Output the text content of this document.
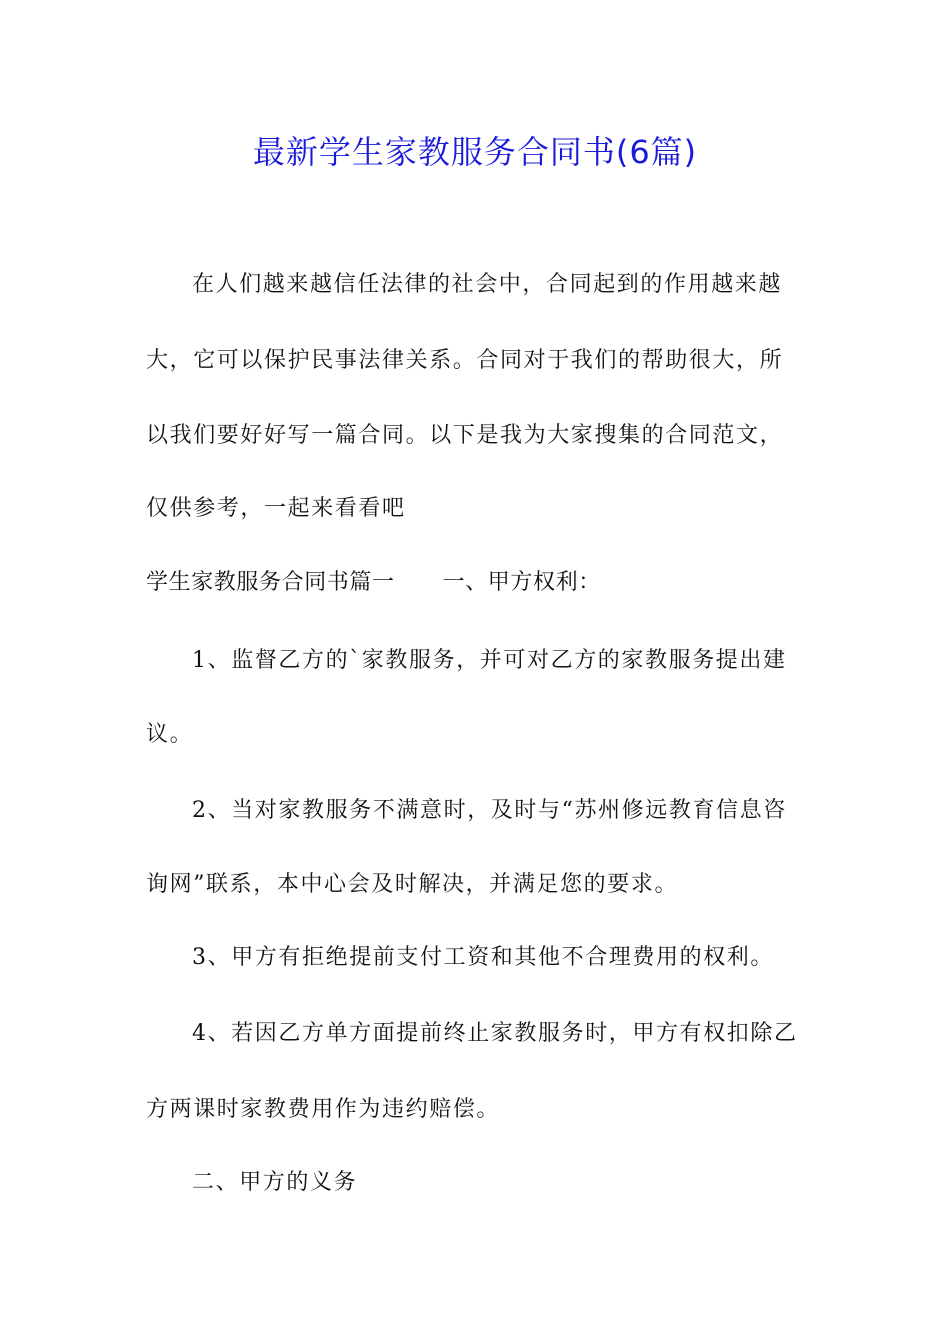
最新学生家教服务合同书(6篇)
在人们越来越信任法律的社会中，合同起到的作用越来越
大，它可以保护民事法律关系。合同对于我们的帮助很大，所
以我们要好好写一篇合同。以下是我为大家搜集的合同范文，
仅供参考，一起来看看吧
学生家教服务合同书篇一 一、甲方权利：
1、监督乙方的`家教服务，并可对乙方的家教服务提出建
议。
2、当对家教服务不满意时，及时与“苏州修远教育信息咨
询网”联系，本中心会及时解决，并满足您的要求。
3、甲方有拒绝提前支付工资和其他不合理费用的权利。
4、若因乙方单方面提前终止家教服务时，甲方有权扣除乙
方两课时家教费用作为违约赔偿。
二、甲方的义务
